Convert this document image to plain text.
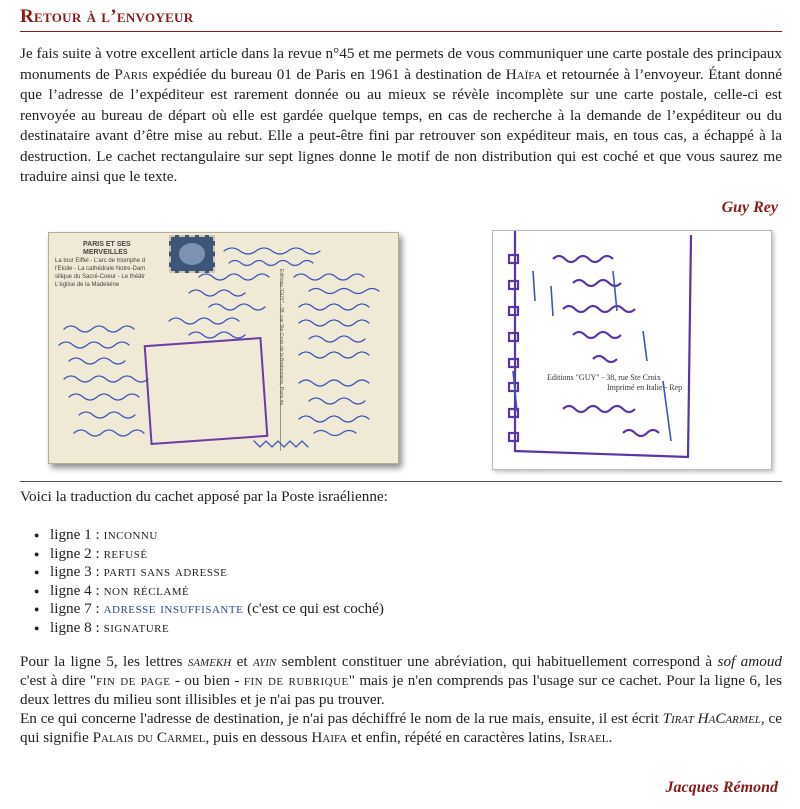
Retour à l’envoyeur

Je fais suite à votre excellent article dans la revue n°45 et me permets de vous communiquer une carte postale des principaux monuments de Paris expédiée du bureau 01 de Paris en 1961 à destination de Haïfa et retournée à l’envoyeur. Étant donné que l’adresse de l’expéditeur est rarement donnée ou au mieux se révèle incomplète sur une carte postale, celle-ci est renvoyée au bureau de départ où elle est gardée quelque temps, en cas de recherche à la demande de l’expéditeur ou du destinataire avant d’être mise au rebut. Elle a peut-être fini par retrouver son expéditeur mais, en tous cas, a échappé à la destruction. Le cachet rectangulaire sur sept lignes donne le motif de non distribution qui est coché et que vous saurez me traduire ainsi que le texte.

Guy Rey
PARIS ET SES MERVEILLES
La tour Eiffel - L'arc de triomphe d
l'Etoile - La cathédrale Notre-Dam
silique du Sacré-Coeur - Le théâtr
L'église de la Madeleine	Editions "GUY" - 38, rue Ste Croix de la Bretonnerie, Paris 4e	Editions "GUY" - 38, rue Ste Croix
Imprimé en Italie - Rep

Voici la traduction du cachet apposé par la Poste israélienne:

● ligne 1 : inconnu
● ligne 2 : refusé
● ligne 3 : parti sans adresse
● ligne 4 : non réclamé
● ligne 7 : adresse insuffisante (c'est ce qui est coché)
● ligne 8 : signature

Pour la ligne 5, les lettres samekh et ayin semblent constituer une abréviation, qui habituellement correspond à sof amoud c'est à dire "fin de page - ou bien - fin de rubrique" mais je n'en comprends pas l'usage sur ce cachet. Pour la ligne 6, les deux lettres du milieu sont illisibles et je n'ai pas pu trouver.
En ce qui concerne l'adresse de destination, je n'ai pas déchiffré le nom de la rue mais, ensuite, il est écrit Tirat HaCarmel, ce qui signifie Palais du Carmel, puis en dessous Haifa et enfin, répété en caractères latins, Israel.

Jacques Rémond
